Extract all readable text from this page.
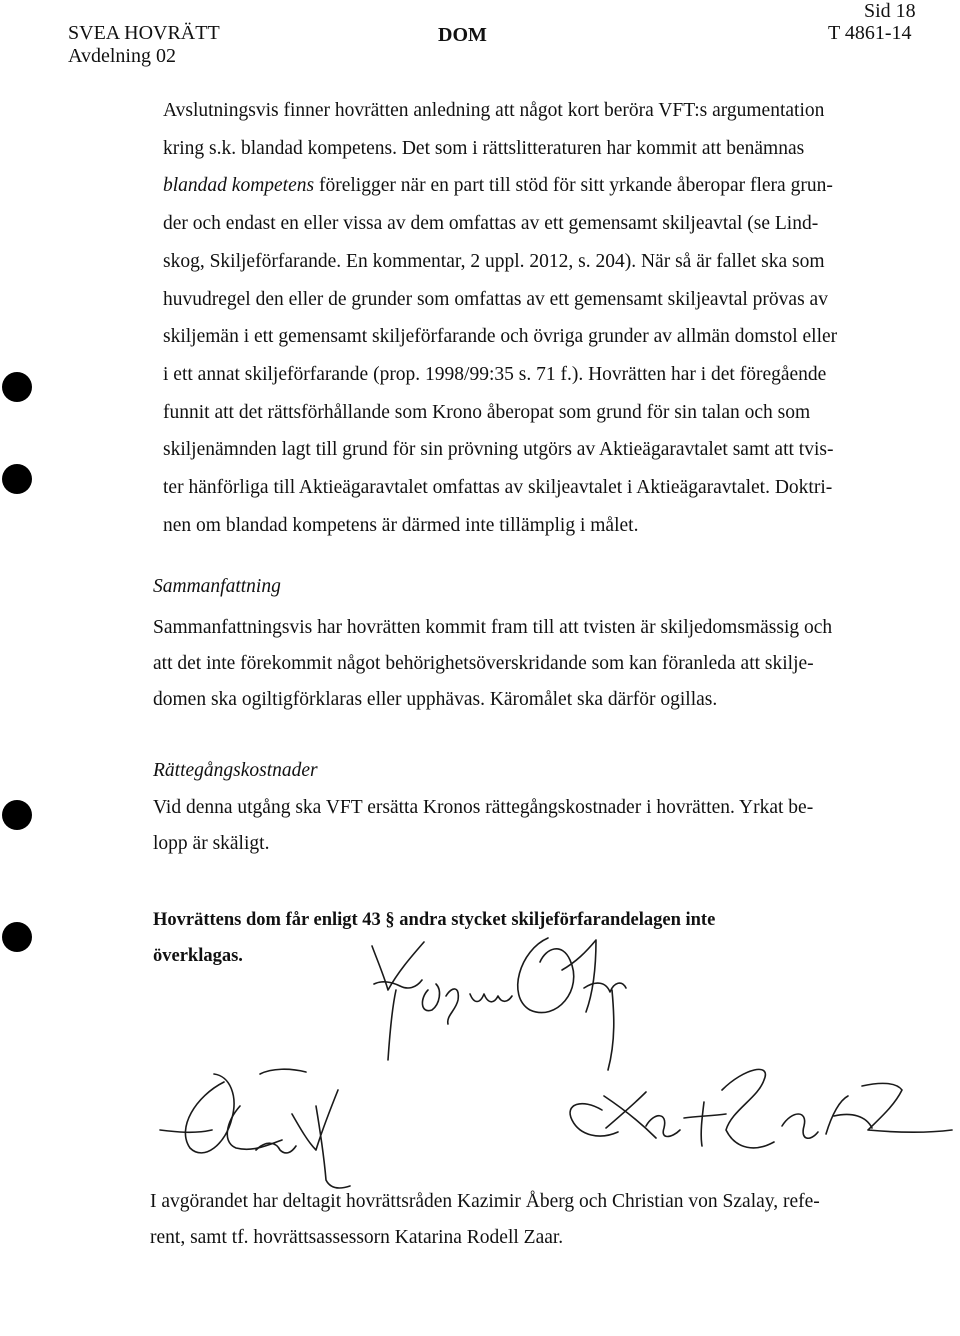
SVEA HOVRÄTT
Avdelning 02
DOM
Sid 18
T 4861-14
Avslutningsvis finner hovrätten anledning att något kort beröra VFT:s argumentation
kring s.k. blandad kompetens. Det som i rättslitteraturen har kommit att benämnas
blandad kompetens föreligger när en part till stöd för sitt yrkande åberopar flera grun-
der och endast en eller vissa av dem omfattas av ett gemensamt skiljeavtal (se Lind-
skog, Skiljeförfarande. En kommentar, 2 uppl. 2012, s. 204). När så är fallet ska som
huvudregel den eller de grunder som omfattas av ett gemensamt skiljeavtal prövas av
skiljemän i ett gemensamt skiljeförfarande och övriga grunder av allmän domstol eller
i ett annat skiljeförfarande (prop. 1998/99:35 s. 71 f.). Hovrätten har i det föregående
funnit att det rättsförhållande som Krono åberopat som grund för sin talan och som
skiljenämnden lagt till grund för sin prövning utgörs av Aktieägaravtalet samt att tvis-
ter hänförliga till Aktieägaravtalet omfattas av skiljeavtalet i Aktieägaravtalet. Doktri-
nen om blandad kompetens är därmed inte tillämplig i målet.
Sammanfattning
Sammanfattningsvis har hovrätten kommit fram till att tvisten är skiljedomsmässig och
att det inte förekommit något behörighetsöverskridande som kan föranleda att skilje-
domen ska ogiltigförklaras eller upphävas. Käromålet ska därför ogillas.
Rättegångskostnader
Vid denna utgång ska VFT ersätta Kronos rättegångskostnader i hovrätten. Yrkat be-
lopp är skäligt.
Hovrättens dom får enligt 43 § andra stycket skiljeförfarandelagen inte
överklagas.
I avgörandet har deltagit hovrättsråden Kazimir Åberg och Christian von Szalay, refe-
rent, samt tf. hovrättsassessorn Katarina Rodell Zaar.
